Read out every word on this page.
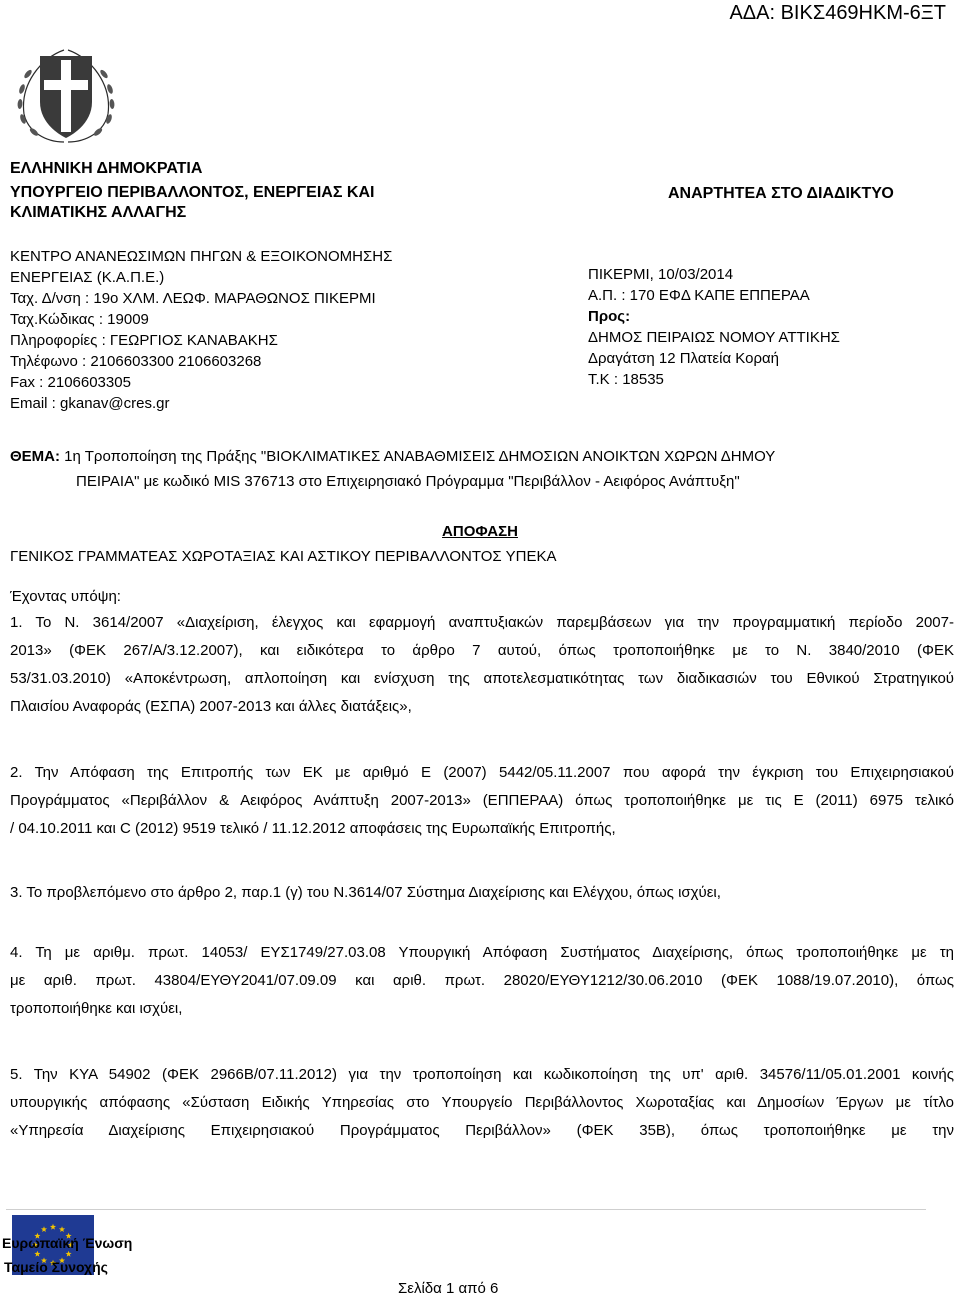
ΑΔΑ: ΒΙΚΣ469ΗΚΜ-6ΞΤ
ΕΛΛΗΝΙΚΗ ΔΗΜΟΚΡΑΤΙΑ
ΥΠΟΥΡΓΕΙΟ ΠΕΡΙΒΑΛΛΟΝΤΟΣ, ΕΝΕΡΓΕΙΑΣ ΚΑΙ
ΚΛΙΜΑΤΙΚΗΣ ΑΛΛΑΓΗΣ
ΑΝΑΡΤΗΤΕΑ ΣΤΟ ΔΙΑΔΙΚΤΥΟ
ΚΕΝΤΡΟ ΑΝΑΝΕΩΣΙΜΩΝ ΠΗΓΩΝ & ΕΞΟΙΚΟΝΟΜΗΣΗΣ
ΕΝΕΡΓΕΙΑΣ (Κ.Α.Π.Ε.)
Ταχ. Δ/νση : 19ο ΧΛΜ. ΛΕΩΦ. ΜΑΡΑΘΩΝΟΣ ΠΙΚΕΡΜΙ
Ταχ.Κώδικας : 19009
Πληροφορίες : ΓΕΩΡΓΙΟΣ ΚΑΝΑΒΑΚΗΣ
Τηλέφωνο : 2106603300 2106603268
Fax : 2106603305
Email : gkanav@cres.gr
ΠΙΚΕΡΜΙ, 10/03/2014
Α.Π. : 170 ΕΦΔ ΚΑΠΕ ΕΠΠΕΡΑΑ
Προς:
ΔΗΜΟΣ ΠΕΙΡΑΙΩΣ ΝΟΜΟΥ ΑΤΤΙΚΗΣ
Δραγάτση 12 Πλατεία Κοραή
Τ.Κ : 18535
ΘΕΜΑ: 1η Τροποποίηση της Πράξης "ΒΙΟΚΛΙΜΑΤΙΚΕΣ ΑΝΑΒΑΘΜΙΣΕΙΣ ΔΗΜΟΣΙΩΝ ΑΝΟΙΚΤΩΝ ΧΩΡΩΝ ΔΗΜΟΥ
ΠΕΙΡΑΙΑ" με κωδικό MIS 376713 στο Επιχειρησιακό Πρόγραμμα "Περιβάλλον - Αειφόρος Ανάπτυξη"
ΑΠΟΦΑΣΗ
ΓΕΝΙΚΟΣ ΓΡΑΜΜΑΤΕΑΣ ΧΩΡΟΤΑΞΙΑΣ ΚΑΙ ΑΣΤΙΚΟΥ ΠΕΡΙΒΑΛΛΟΝΤΟΣ ΥΠΕΚΑ
Έχοντας υπόψη:
1. Το Ν. 3614/2007 «Διαχείριση, έλεγχος και εφαρμογή αναπτυξιακών παρεμβάσεων για την προγραμματική περίοδο 2007-
2013» (ΦΕΚ 267/Α/3.12.2007), και ειδικότερα το άρθρο 7 αυτού, όπως τροποποιήθηκε με το Ν. 3840/2010 (ΦΕΚ
53/31.03.2010) «Αποκέντρωση, απλοποίηση και ενίσχυση της αποτελεσματικότητας των διαδικασιών του Εθνικού Στρατηγικού
Πλαισίου Αναφοράς (ΕΣΠΑ) 2007-2013 και άλλες διατάξεις»,
2. Την Απόφαση της Επιτροπής των ΕΚ με αριθμό Ε (2007) 5442/05.11.2007 που αφορά την έγκριση του Επιχειρησιακού
Προγράμματος «Περιβάλλον & Αειφόρος Ανάπτυξη 2007-2013» (ΕΠΠΕΡΑΑ) όπως τροποποιήθηκε με τις Ε (2011) 6975 τελικό
/ 04.10.2011 και C (2012) 9519 τελικό / 11.12.2012 αποφάσεις της Ευρωπαϊκής Επιτροπής,
3. Το προβλεπόμενο στο άρθρο 2, παρ.1 (γ) του Ν.3614/07 Σύστημα Διαχείρισης και Ελέγχου, όπως ισχύει,
4. Τη με αριθμ. πρωτ. 14053/ ΕΥΣ1749/27.03.08 Υπουργική Απόφαση Συστήματος Διαχείρισης, όπως τροποποιήθηκε με τη
με αριθ. πρωτ. 43804/ΕΥΘΥ2041/07.09.09 και αριθ. πρωτ. 28020/ΕΥΘΥ1212/30.06.2010 (ΦΕΚ 1088/19.07.2010), όπως
τροποποιήθηκε και ισχύει,
5. Την ΚΥΑ 54902 (ΦΕΚ 2966Β/07.11.2012) για την τροποποίηση και κωδικοποίηση της υπ' αριθ. 34576/11/05.01.2001 κοινής
υπουργικής απόφασης «Σύσταση Ειδικής Υπηρεσίας στο Υπουργείο Περιβάλλοντος Χωροταξίας και Δημοσίων Έργων με τίτλο
«Υπηρεσία Διαχείρισης Επιχειρησιακού Προγράμματος Περιβάλλον» (ΦΕΚ 35Β), όπως τροποποιήθηκε με την
Ευρωπαϊκή Ένωση
Ταμείο Συνοχής
Σελίδα 1 από 6
